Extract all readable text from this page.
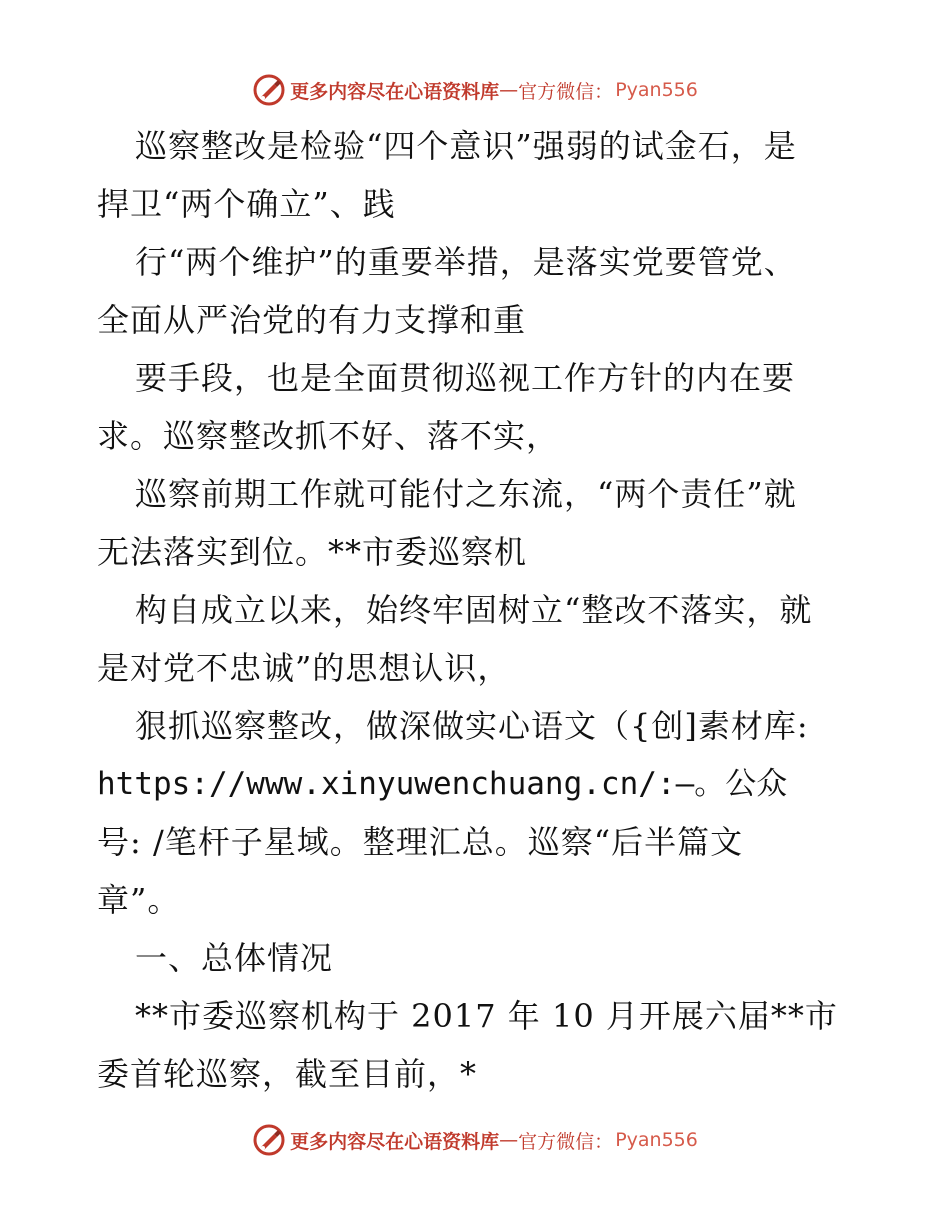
更多内容尽在心语资料库 — 官方微信： Pyan556
巡察整改是检验“四个意识”强弱的试金石，是
捍卫“两个确立”、践
行“两个维护”的重要举措，是落实党要管党、
全面从严治党的有力支撑和重
要手段，也是全面贯彻巡视工作方针的内在要
求。巡察整改抓不好、落不实，
巡察前期工作就可能付之东流，“两个责任”就
无法落实到位。**市委巡察机
构自成立以来，始终牢固树立“整改不落实，就
是对党不忠诚”的思想认识，
狠抓巡察整改，做深做实心语文（{创]素材库:
https://www.xinyuwenchuang.cn/:—。公众
号: /笔杆子星域。整理汇总。巡察“后半篇文
章”。
一、总体情况
**市委巡察机构于 2017 年 10 月开展六届**市
委首轮巡察，截至目前，*
更多内容尽在心语资料库 — 官方微信： Pyan556
